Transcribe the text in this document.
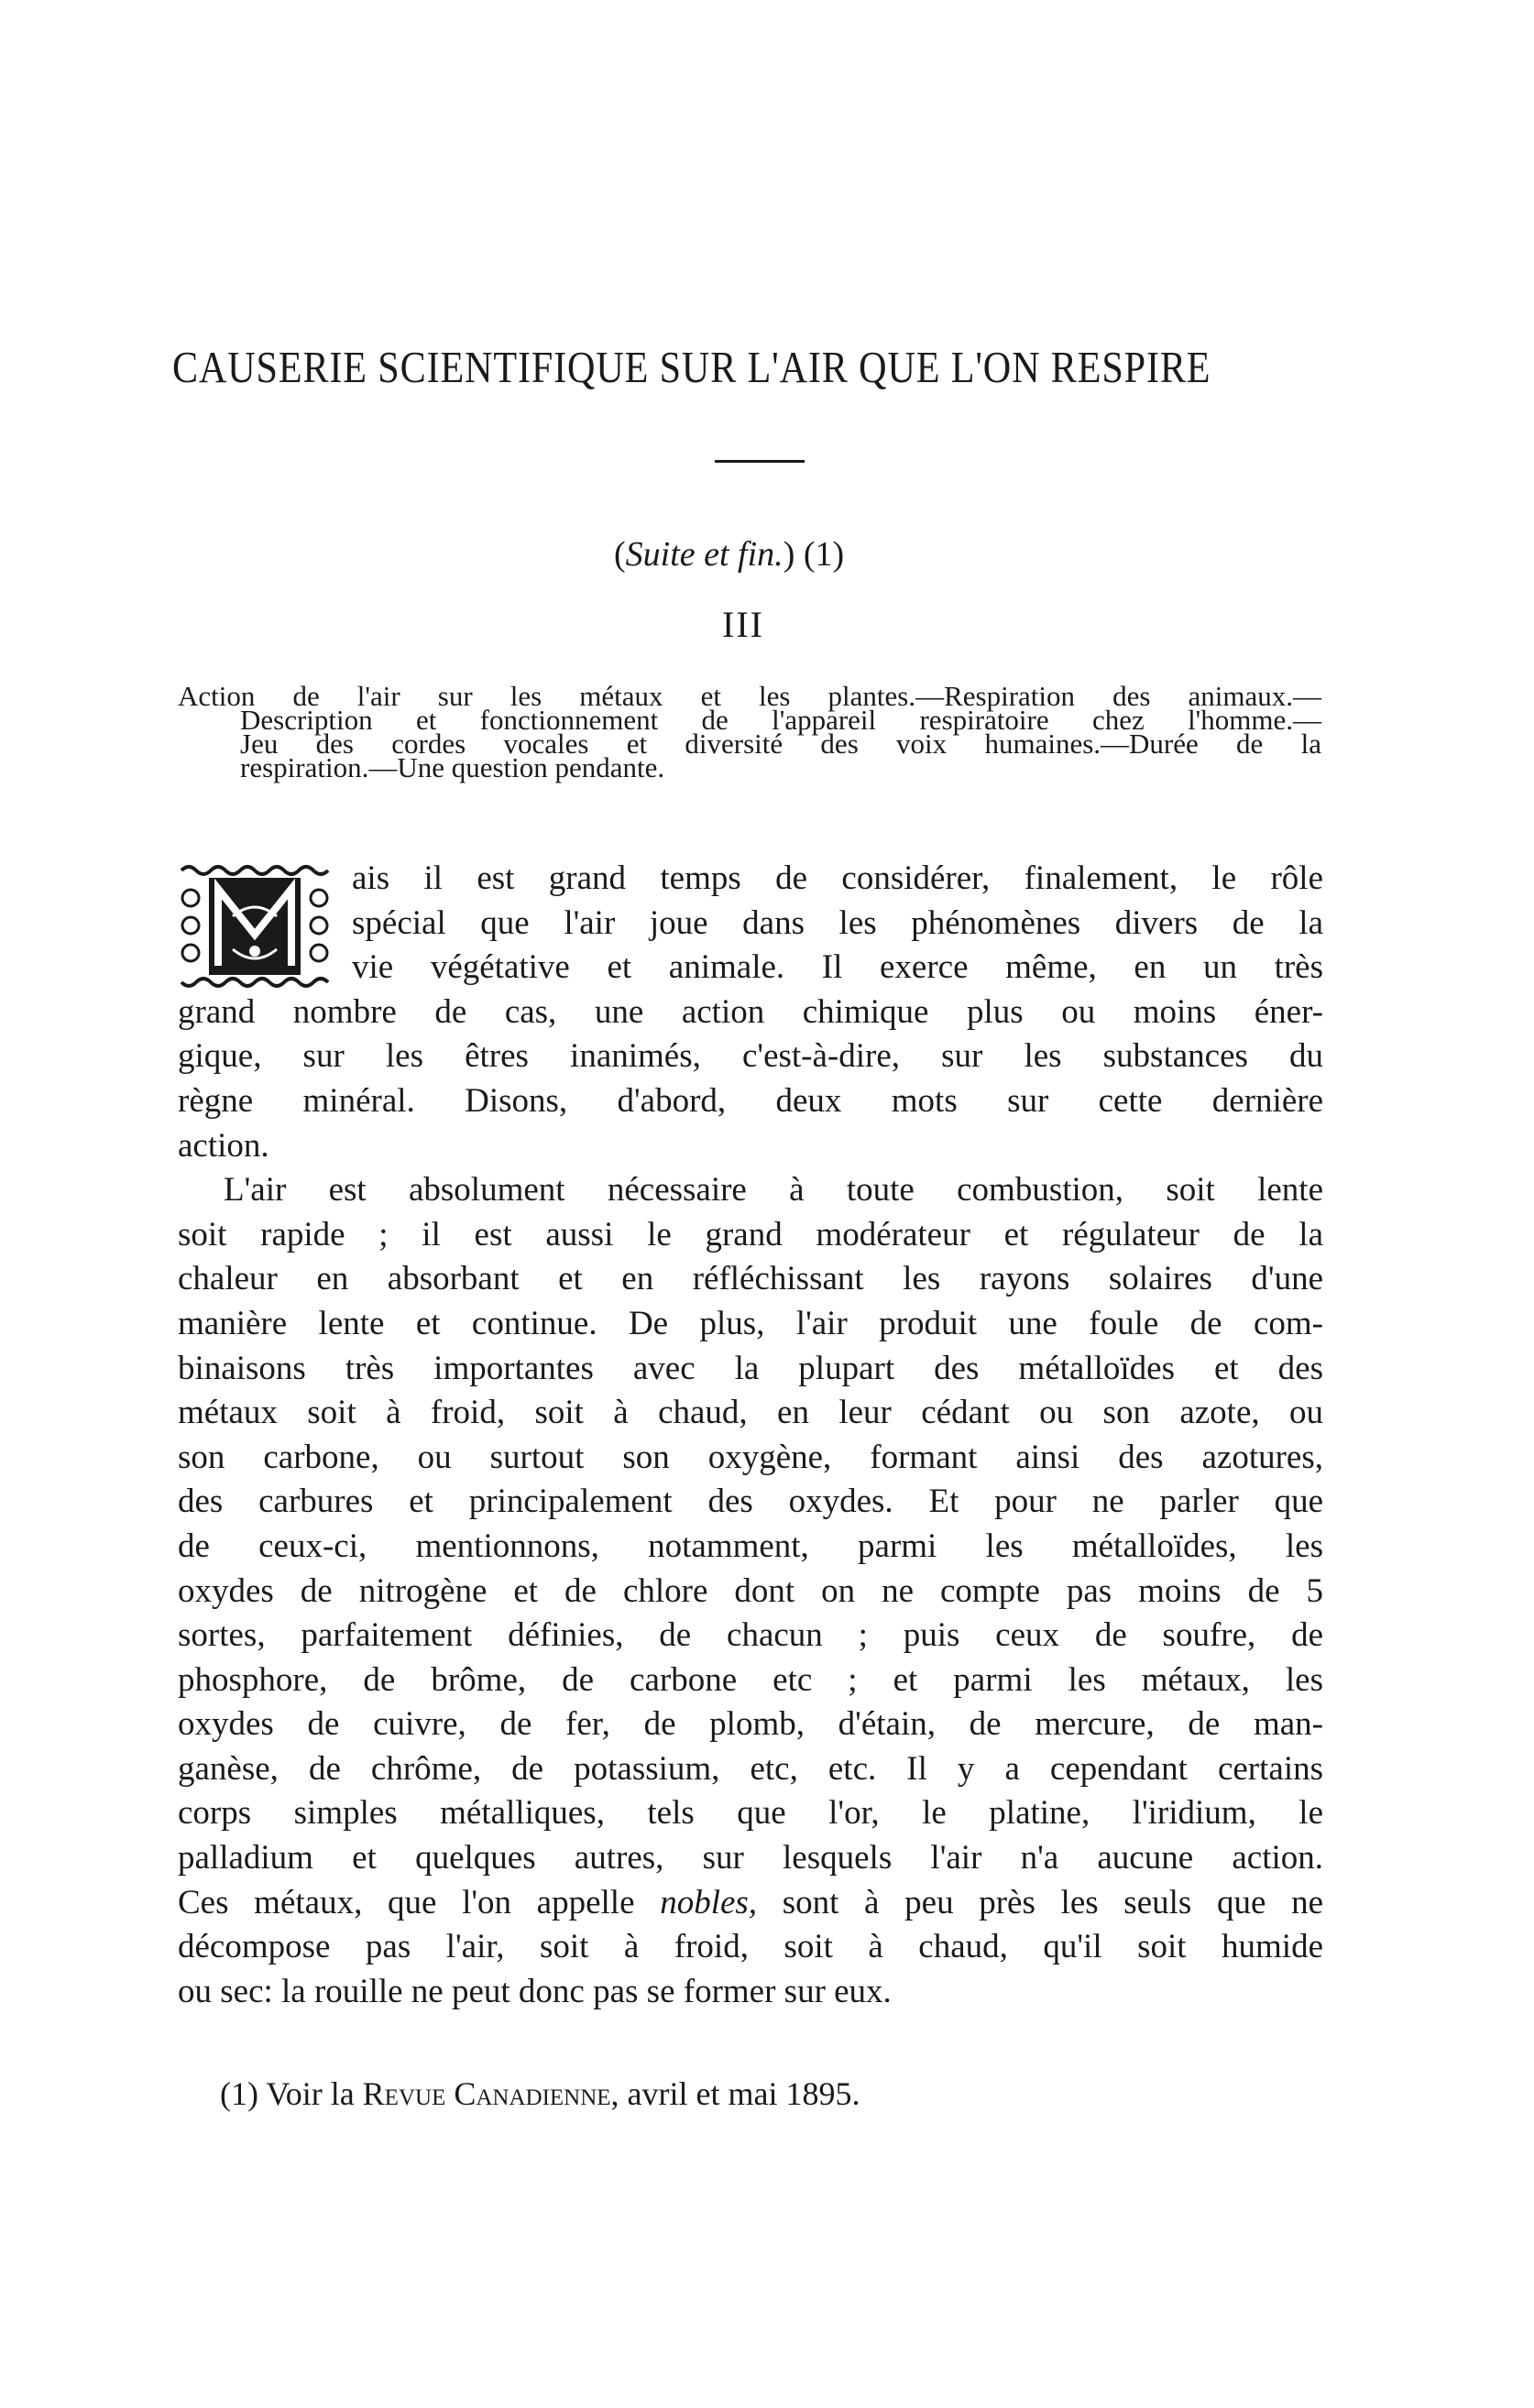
CAUSERIE SCIENTIFIQUE SUR L'AIR QUE L'ON RESPIRE
(Suite et fin.) (1)
III
Action de l'air sur les métaux et les plantes.—Respiration des animaux.—
Description et fonctionnement de l'appareil respiratoire chez l'homme.—
Jeu des cordes vocales et diversité des voix humaines.—Durée de la
respiration.—Une question pendante.
ais il est grand temps de considérer, finalement, le rôle
spécial que l'air joue dans les phénomènes divers de la
vie végétative et animale. Il exerce même, en un très
grand nombre de cas, une action chimique plus ou moins éner-
gique, sur les êtres inanimés, c'est-à-dire, sur les substances du
règne minéral. Disons, d'abord, deux mots sur cette dernière
action.
L'air est absolument nécessaire à toute combustion, soit lente
soit rapide ; il est aussi le grand modérateur et régulateur de la
chaleur en absorbant et en réfléchissant les rayons solaires d'une
manière lente et continue. De plus, l'air produit une foule de com-
binaisons très importantes avec la plupart des métalloïdes et des
métaux soit à froid, soit à chaud, en leur cédant ou son azote, ou
son carbone, ou surtout son oxygène, formant ainsi des azotures,
des carbures et principalement des oxydes. Et pour ne parler que
de ceux-ci, mentionnons, notamment, parmi les métalloïdes, les
oxydes de nitrogène et de chlore dont on ne compte pas moins de 5
sortes, parfaitement définies, de chacun ; puis ceux de soufre, de
phosphore, de brôme, de carbone etc ; et parmi les métaux, les
oxydes de cuivre, de fer, de plomb, d'étain, de mercure, de man-
ganèse, de chrôme, de potassium, etc, etc. Il y a cependant certains
corps simples métalliques, tels que l'or, le platine, l'iridium, le
palladium et quelques autres, sur lesquels l'air n'a aucune action.
Ces métaux, que l'on appelle nobles, sont à peu près les seuls que ne
décompose pas l'air, soit à froid, soit à chaud, qu'il soit humide
ou sec: la rouille ne peut donc pas se former sur eux.
(1) Voir la Revue Canadienne, avril et mai 1895.
